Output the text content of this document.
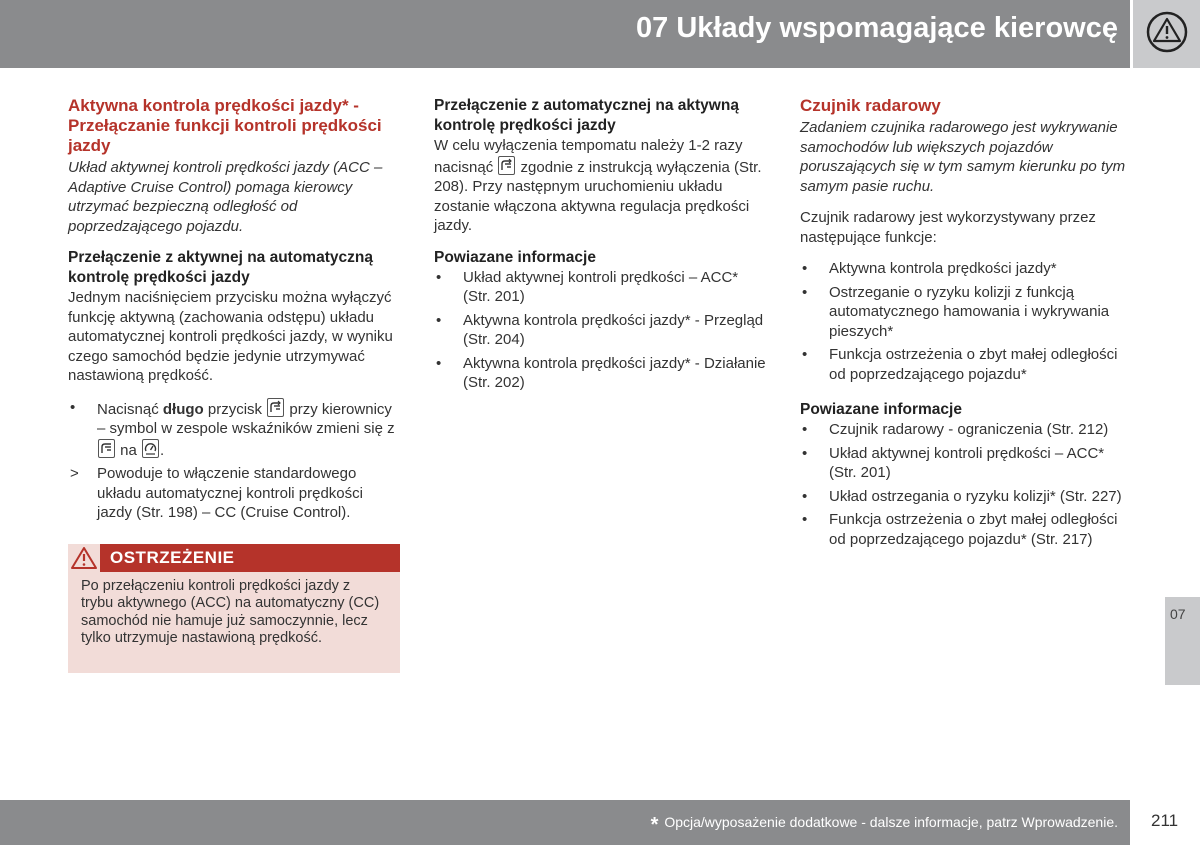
07 Układy wspomagające kierowcę
Aktywna kontrola prędkości jazdy* - Przełączanie funkcji kontroli prędkości jazdy

Układ aktywnej kontroli prędkości jazdy (ACC – Adaptive Cruise Control) pomaga kierowcy utrzymać bezpieczną odległość od poprzedzającego pojazdu.

Przełączenie z aktywnej na automatyczną kontrolę prędkości jazdy

Jednym naciśnięciem przycisku można wyłączyć funkcję aktywną (zachowania odstępu) układu automatycznej kontroli prędkości jazdy, w wyniku czego samochód będzie jedynie utrzymywać nastawioną prędkość.

• Nacisnąć długo przycisk
przy kierownicy – symbol w zespole wskaźników zmieni się z
na
.
> Powoduje to włączenie standardowego układu automatycznej kontroli prędkości jazdy (Str. 198) – CC (Cruise Control).
OSTRZEŻENIE
Po przełączeniu kontroli prędkości jazdy z trybu aktywnego (ACC) na automatyczny (CC) samochód nie hamuje już samoczynnie, lecz tylko utrzymuje nastawioną prędkość.
Przełączenie z automatycznej na aktywną kontrolę prędkości jazdy

W celu wyłączenia tempomatu należy 1-2 razy nacisnąć
zgodnie z instrukcją wyłączenia (Str. 208). Przy następnym uruchomieniu układu zostanie włączona aktywna regulacja prędkości jazdy.

Powiazane informacje
• Układ aktywnej kontroli prędkości – ACC* (Str. 201)
• Aktywna kontrola prędkości jazdy* - Przegląd (Str. 204)
• Aktywna kontrola prędkości jazdy* - Działanie (Str. 202)
Czujnik radarowy

Zadaniem czujnika radarowego jest wykrywanie samochodów lub większych pojazdów poruszających się w tym samym kierunku po tym samym pasie ruchu.

Czujnik radarowy jest wykorzystywany przez następujące funkcje:

• Aktywna kontrola prędkości jazdy*
• Ostrzeganie o ryzyku kolizji z funkcją automatycznego hamowania i wykrywania pieszych*
• Funkcja ostrzeżenia o zbyt małej odległości od poprzedzającego pojazdu*
Powiazane informacje
• Czujnik radarowy - ograniczenia (Str. 212)
• Układ aktywnej kontroli prędkości – ACC* (Str. 201)
• Układ ostrzegania o ryzyku kolizji* (Str. 227)
• Funkcja ostrzeżenia o zbyt małej odległości od poprzedzającego pojazdu* (Str. 217)
07
* Opcja/wyposażenie dodatkowe - dalsze informacje, patrz Wprowadzenie. 211
